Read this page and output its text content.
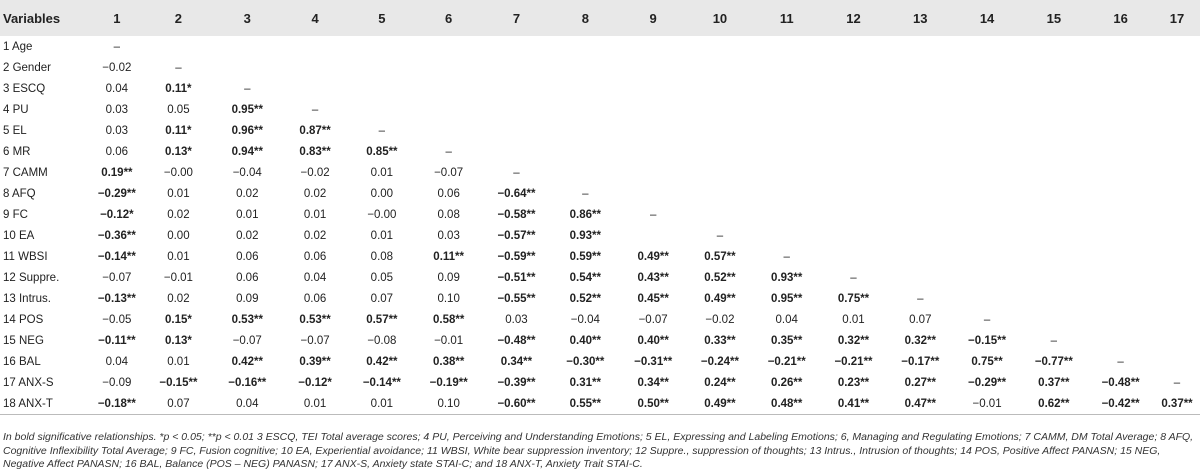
Variables	1	2	3	4	5	6	7	8	9	10	11	12	13	14	15	16	17
1 Age	–																
2 Gender	−0.02	–															
3 ESCQ	0.04	0.11*	–														
4 PU	0.03	0.05	0.95**	–													
5 EL	0.03	0.11*	0.96**	0.87**	–												
6 MR	0.06	0.13*	0.94**	0.83**	0.85**	–											
7 CAMM	0.19**	−0.00	−0.04	−0.02	0.01	−0.07	–										
8 AFQ	−0.29**	0.01	0.02	0.02	0.00	0.06	−0.64**	–									
9 FC	−0.12*	0.02	0.01	0.01	−0.00	0.08	−0.58**	0.86**	–								
10 EA	−0.36**	0.00	0.02	0.02	0.01	0.03	−0.57**	0.93**		–							
11 WBSI	−0.14**	0.01	0.06	0.06	0.08	0.11**	−0.59**	0.59**	0.49**	0.57**	–						
12 Suppre.	−0.07	−0.01	0.06	0.04	0.05	0.09	−0.51**	0.54**	0.43**	0.52**	0.93**	–					
13 Intrus.	−0.13**	0.02	0.09	0.06	0.07	0.10	−0.55**	0.52**	0.45**	0.49**	0.95**	0.75**	–				
14 POS	−0.05	0.15*	0.53**	0.53**	0.57**	0.58**	0.03	−0.04	−0.07	−0.02	0.04	0.01	0.07	–			
15 NEG	−0.11**	0.13*	−0.07	−0.07	−0.08	−0.01	−0.48**	0.40**	0.40**	0.33**	0.35**	0.32**	0.32**	−0.15**	–		
16 BAL	0.04	0.01	0.42**	0.39**	0.42**	0.38**	0.34**	−0.30**	−0.31**	−0.24**	−0.21**	−0.21**	−0.17**	0.75**	−0.77**	–	
17 ANX-S	−0.09	−0.15**	−0.16**	−0.12*	−0.14**	−0.19**	−0.39**	0.31**	0.34**	0.24**	0.26**	0.23**	0.27**	−0.29**	0.37**	−0.48**	–
18 ANX-T	−0.18**	0.07	0.04	0.01	0.01	0.10	−0.60**	0.55**	0.50**	0.49**	0.48**	0.41**	0.47**	−0.01	0.62**	−0.42**	0.37**
In bold significative relationships. *p < 0.05; **p < 0.01 3 ESCQ, TEI Total average scores; 4 PU, Perceiving and Understanding Emotions; 5 EL, Expressing and Labeling Emotions; 6, Managing and Regulating Emotions; 7 CAMM, DM Total Average; 8 AFQ, Cognitive Inflexibility Total Average; 9 FC, Fusion cognitive; 10 EA, Experiential avoidance; 11 WBSI, White bear suppression inventory; 12 Suppre., suppression of thoughts; 13 Intrus., Intrusion of thoughts; 14 POS, Positive Affect PANASN; 15 NEG, Negative Affect PANASN; 16 BAL, Balance (POS – NEG) PANASN; 17 ANX-S, Anxiety state STAI-C; and 18 ANX-T, Anxiety Trait STAI-C.
